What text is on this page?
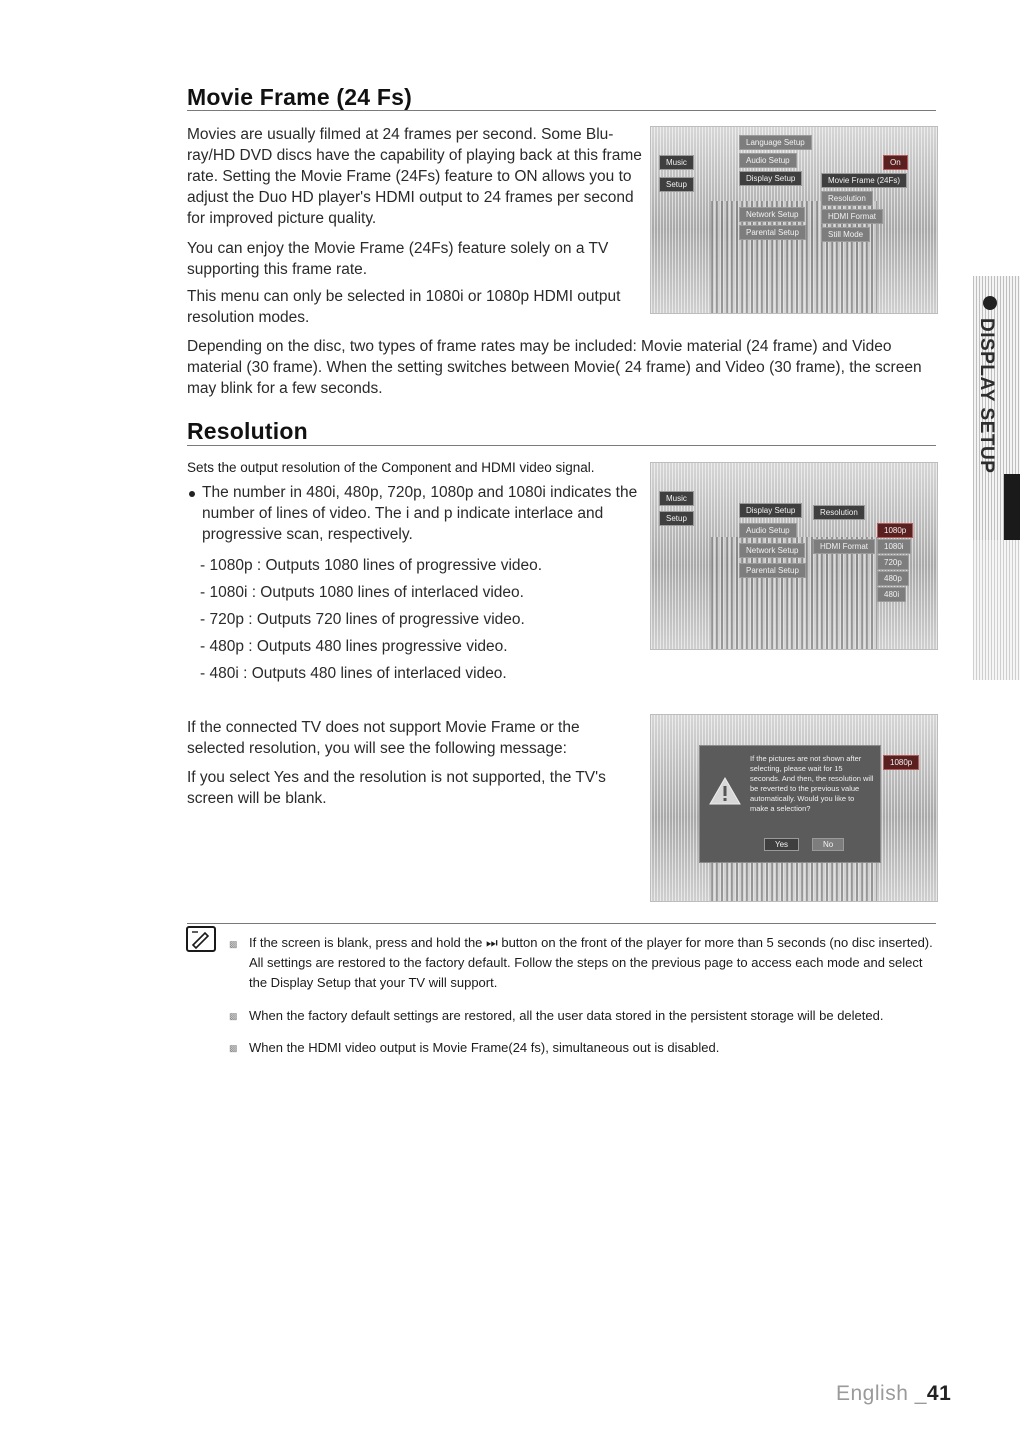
DISPLAY SETUP
Movie Frame (24 Fs)

Movies are usually filmed at 24 frames per second. Some Blu-ray/HD DVD discs have the capability of playing back at this frame rate. Setting the Movie Frame (24Fs) feature to ON allows you to adjust the Duo HD player's HDMI output to 24 frames per second for improved picture quality.

You can enjoy the Movie Frame (24Fs) feature solely on a TV supporting this frame rate.

This menu can only be selected in 1080i or 1080p HDMI output resolution modes.

Depending on the disc, two types of frame rates may be included: Movie material (24 frame) and Video material (30 frame). When the setting switches between Movie( 24 frame) and Video (30 frame), the screen may blink for a few seconds.

Music
Setup
Language Setup
Audio Setup
Display Setup
Network Setup
Parental Setup
Movie Frame (24Fs)
Resolution
HDMI Format
Still Mode
On
Resolution

Sets the output resolution of the Component and HDMI video signal.

The number in 480i, 480p, 720p, 1080p and 1080i indicates the number of lines of video. The i and p indicate interlace and progressive scan, respectively.

- 1080p : Outputs 1080 lines of progressive video.

- 1080i : Outputs 1080 lines of interlaced video.

- 720p : Outputs 720 lines of progressive video.

- 480p : Outputs 480 lines progressive video.

- 480i : Outputs 480 lines of interlaced video.

Music
Setup
Display Setup
Audio Setup
Network Setup
Parental Setup
Resolution
HDMI Format
1080p
1080i
720p
480p
480i

If the connected TV does not support Movie Frame or the selected resolution, you will see the following message:

If you select Yes and the resolution is not supported, the TV's screen will be blank.

If the pictures are not shown after selecting, please wait for 15 seconds. And then, the resolution will be reverted to the previous value automatically. Would you like to make a selection?
Yes	No
1080p
▩ If the screen is blank, press and hold the ⏭ button on the front of the player for more than 5 seconds (no disc inserted). All settings are restored to the factory default. Follow the steps on the previous page to access each mode and select the Display Setup that your TV will support.

▩ When the factory default settings are restored, all the user data stored in the persistent storage will be deleted.

▩ When the HDMI video output is Movie Frame(24 fs), simultaneous out is disabled.

English _41
